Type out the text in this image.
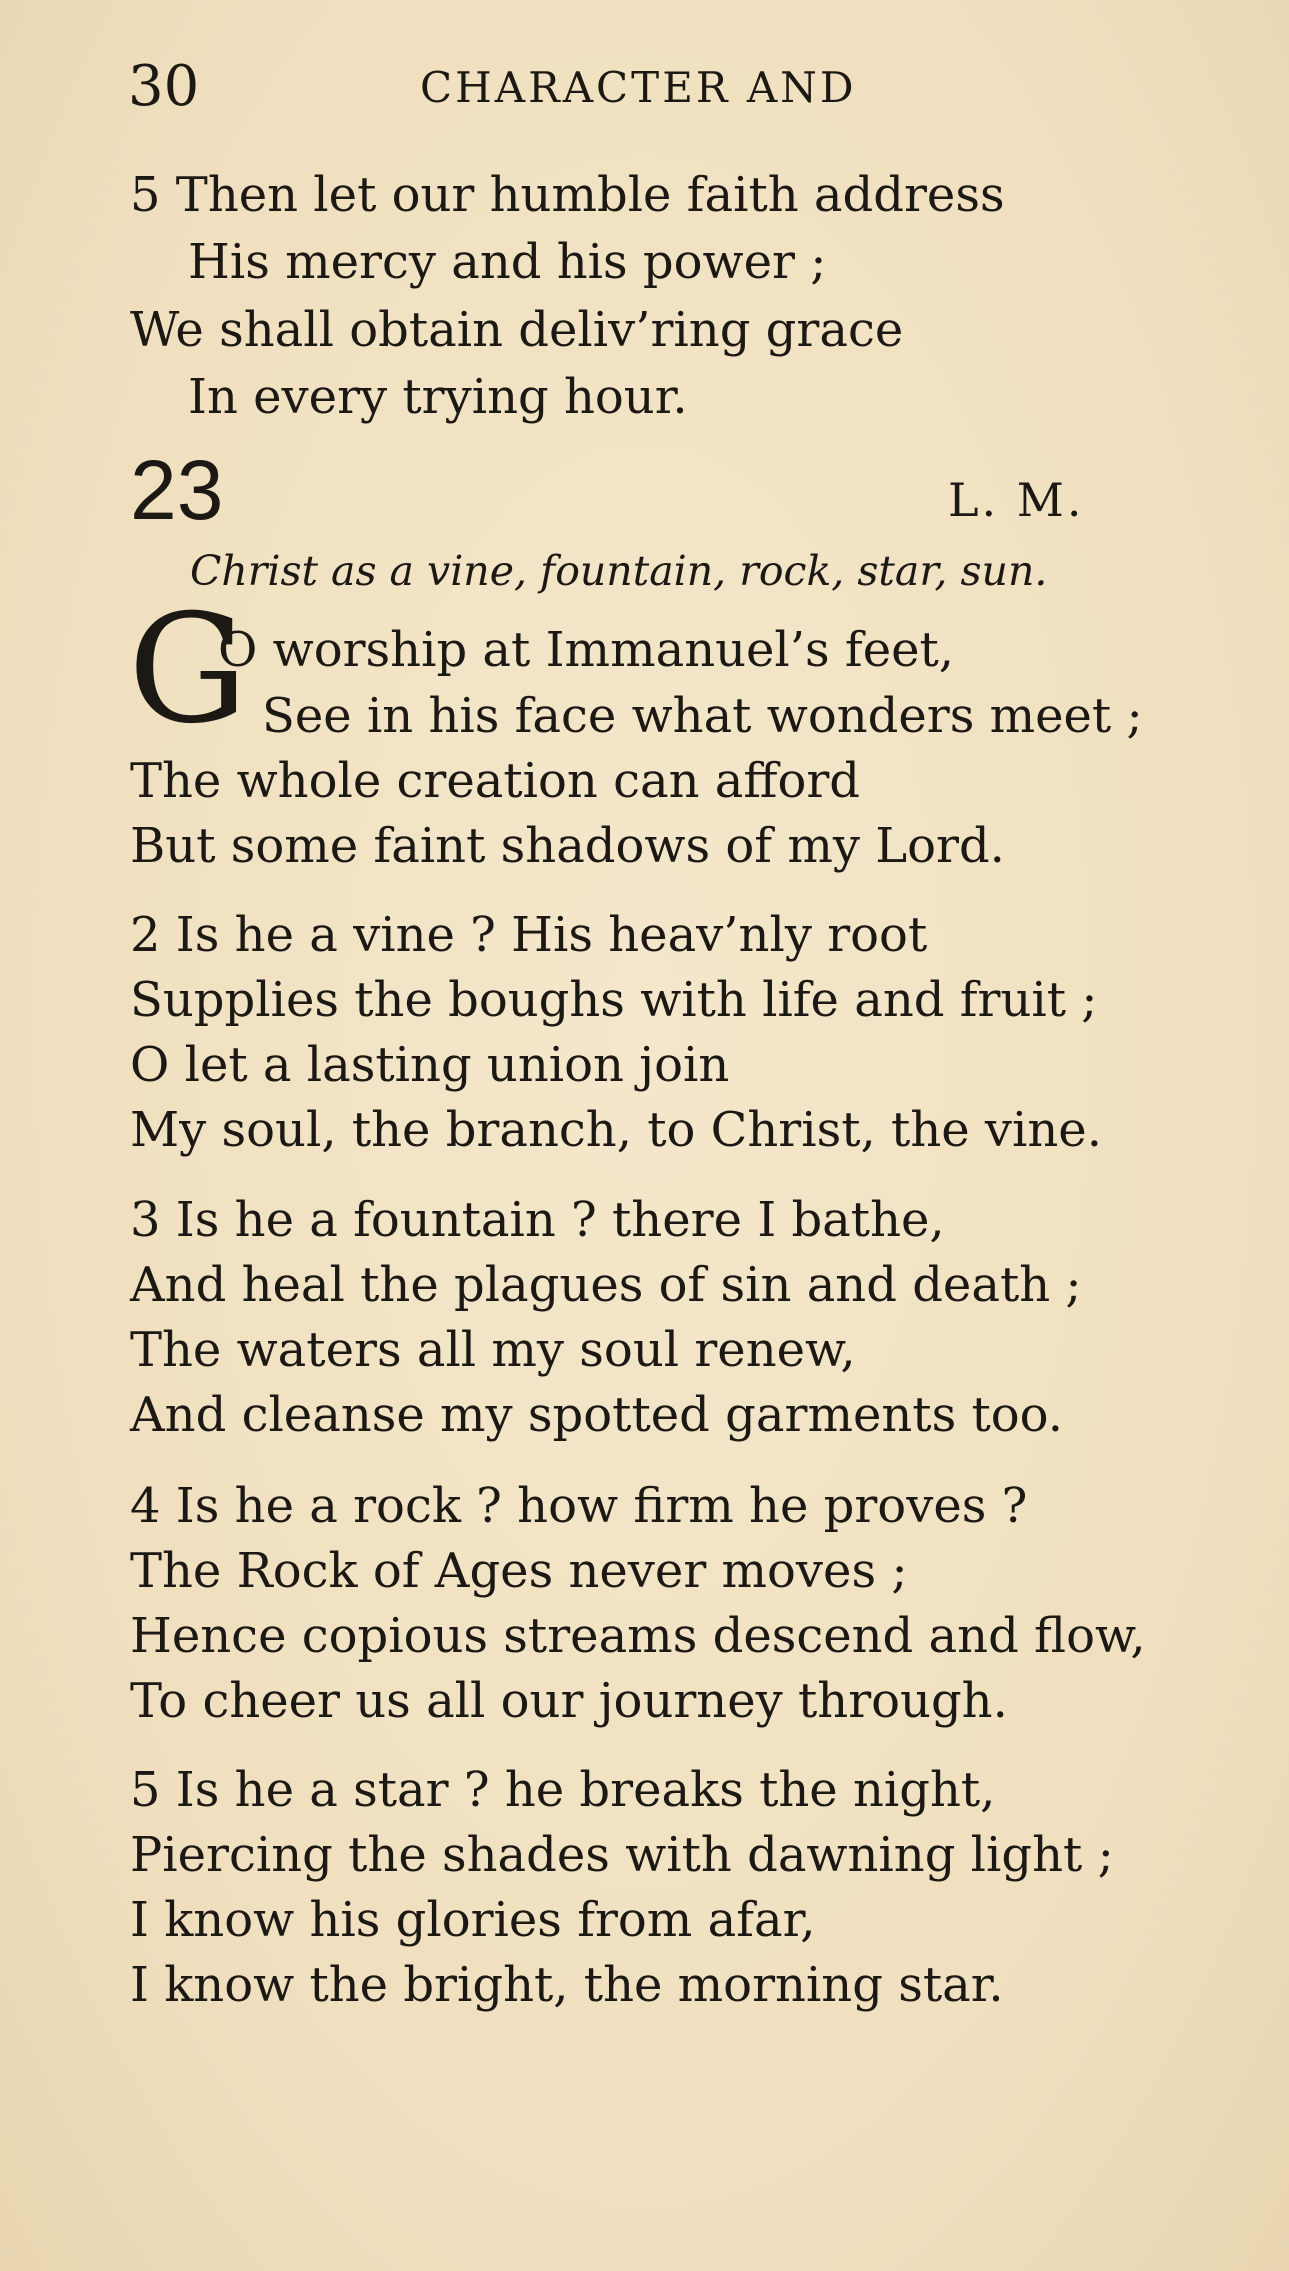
30	CHARACTER AND
5 Then let our humble faith address
His mercy and his power ;
We shall obtain deliv’ring grace
In every trying hour.
23	L. M.
Christ as a vine, fountain, rock, star, sun.
G
O worship at Immanuel’s feet,
See in his face what wonders meet ;
The whole creation can afford
But some faint shadows of my Lord.
2 Is he a vine ? His heav’nly root
Supplies the boughs with life and fruit ;
O let a lasting union join
My soul, the branch, to Christ, the vine.
3 Is he a fountain ? there I bathe,
And heal the plagues of sin and death ;
The waters all my soul renew,
And cleanse my spotted garments too.
4 Is he a rock ? how firm he proves ?
The Rock of Ages never moves ;
Hence copious streams descend and flow,
To cheer us all our journey through.
5 Is he a star ? he breaks the night,
Piercing the shades with dawning light ;
I know his glories from afar,
I know the bright, the morning star.
